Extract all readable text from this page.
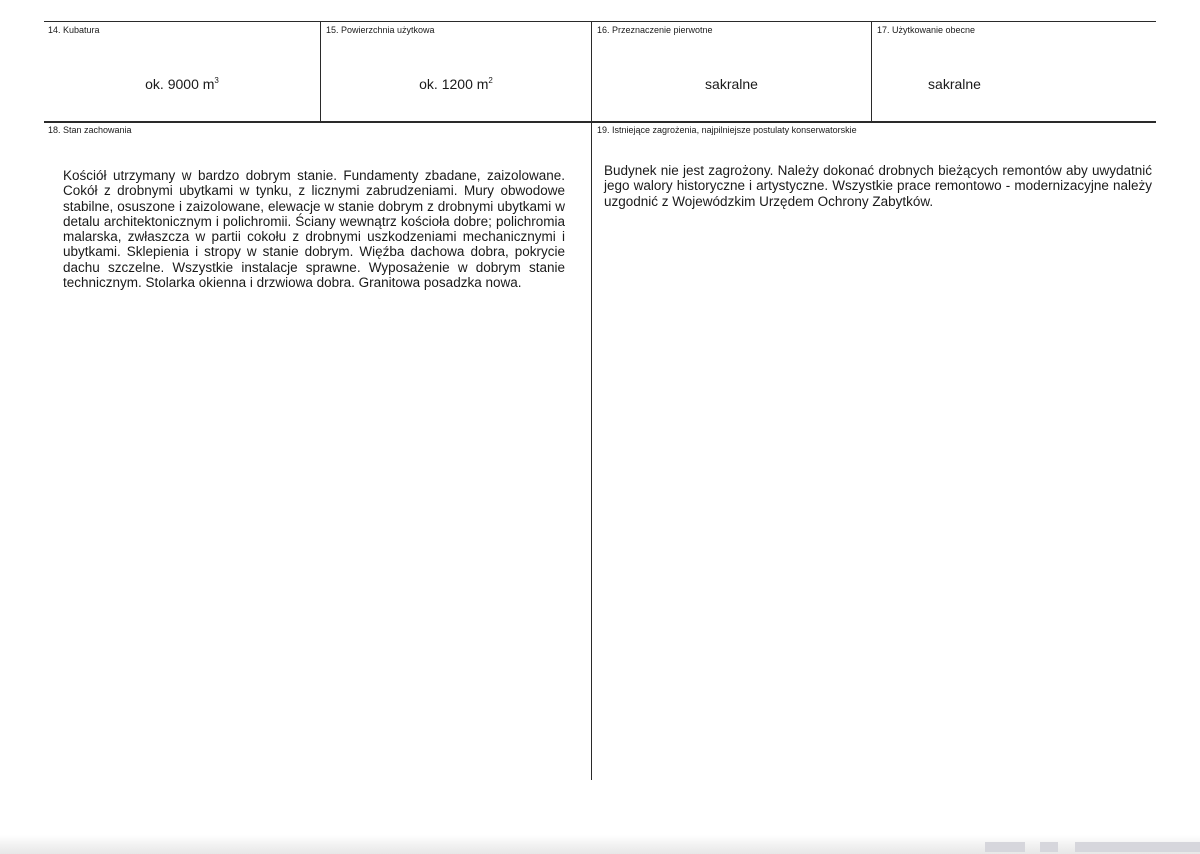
14. Kubatura
ok. 9000 $m^3$
15. Powierzchnia użytkowa
ok. 1200 $m^2$
16. Przeznaczenie pierwotne
sakralne
17. Użytkowanie obecne
sakralne
18. Stan zachowania
Kościół utrzymany w bardzo dobrym stanie. Fundamenty zbadane, zaizolowane. Cokół z drobnymi ubytkami w tynku, z licznymi zabrudzeniami. Mury obwodowe stabilne, osuszone i zaizolowane, elewacje w stanie dobrym z drobnymi ubytkami w detalu architektonicznym i polichromii. Ściany wewnątrz kościoła dobre; polichromia malarska, zwłaszcza w partii cokołu z drobnymi uszkodzeniami mechanicznymi i ubytkami. Sklepienia i stropy w stanie dobrym. Więźba dachowa dobra, pokrycie dachu szczelne. Wszystkie instalacje sprawne. Wyposażenie w dobrym stanie technicznym. Stolarka okienna i drzwiowa dobra. Granitowa posadzka nowa.
19. Istniejące zagrożenia, najpilniejsze postulaty konserwatorskie
Budynek nie jest zagrożony. Należy dokonać drobnych bieżących remontów aby uwydatnić jego walory historyczne i artystyczne. Wszystkie prace remontowo - modernizacyjne należy uzgodnić z Wojewódzkim Urzędem Ochrony Zabytków.
